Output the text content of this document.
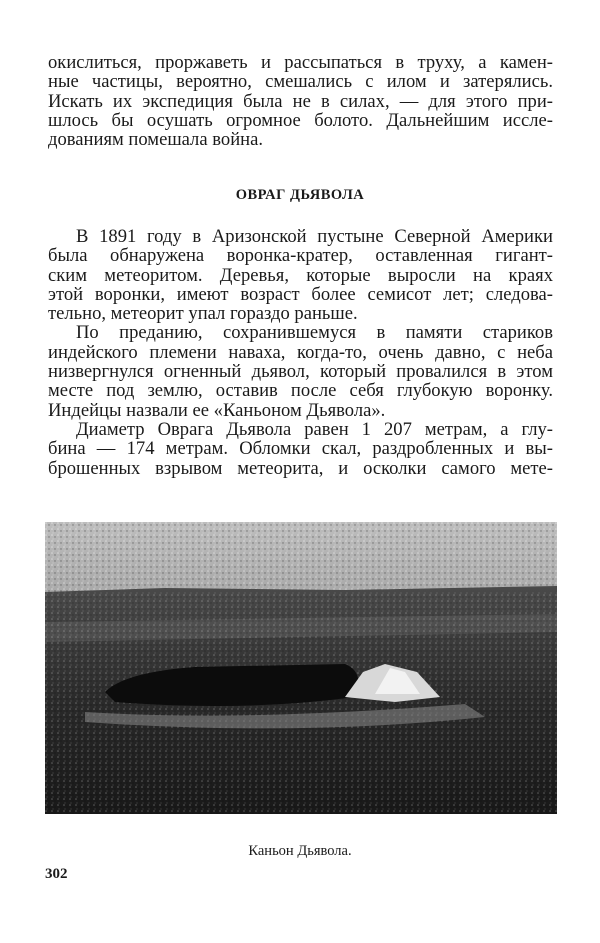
окислиться, проржаветь и рассыпаться в труху, а камен-
ные частицы, вероятно, смешались с илом и затерялись.
Искать их экспедиция была не в силах, — для этого при-
шлось бы осушать огромное болото. Дальнейшим иссле-
дованиям помешала война.
ОВРАГ ДЬЯВОЛА
В 1891 году в Аризонской пустыне Северной Америки
была обнаружена воронка-кратер, оставленная гигант-
ским метеоритом. Деревья, которые выросли на краях
этой воронки, имеют возраст более семисот лет; следова-
тельно, метеорит упал гораздо раньше.
По преданию, сохранившемуся в памяти стариков
индейского племени наваха, когда-то, очень давно, с неба
низвергнулся огненный дьявол, который провалился в этом
месте под землю, оставив после себя глубокую воронку.
Индейцы назвали ее «Каньоном Дьявола».
Диаметр Оврага Дьявола равен 1 207 метрам, а глу-
бина — 174 метрам. Обломки скал, раздробленных и вы-
брошенных взрывом метеорита, и осколки самого мете-
Каньон Дьявола.
302
